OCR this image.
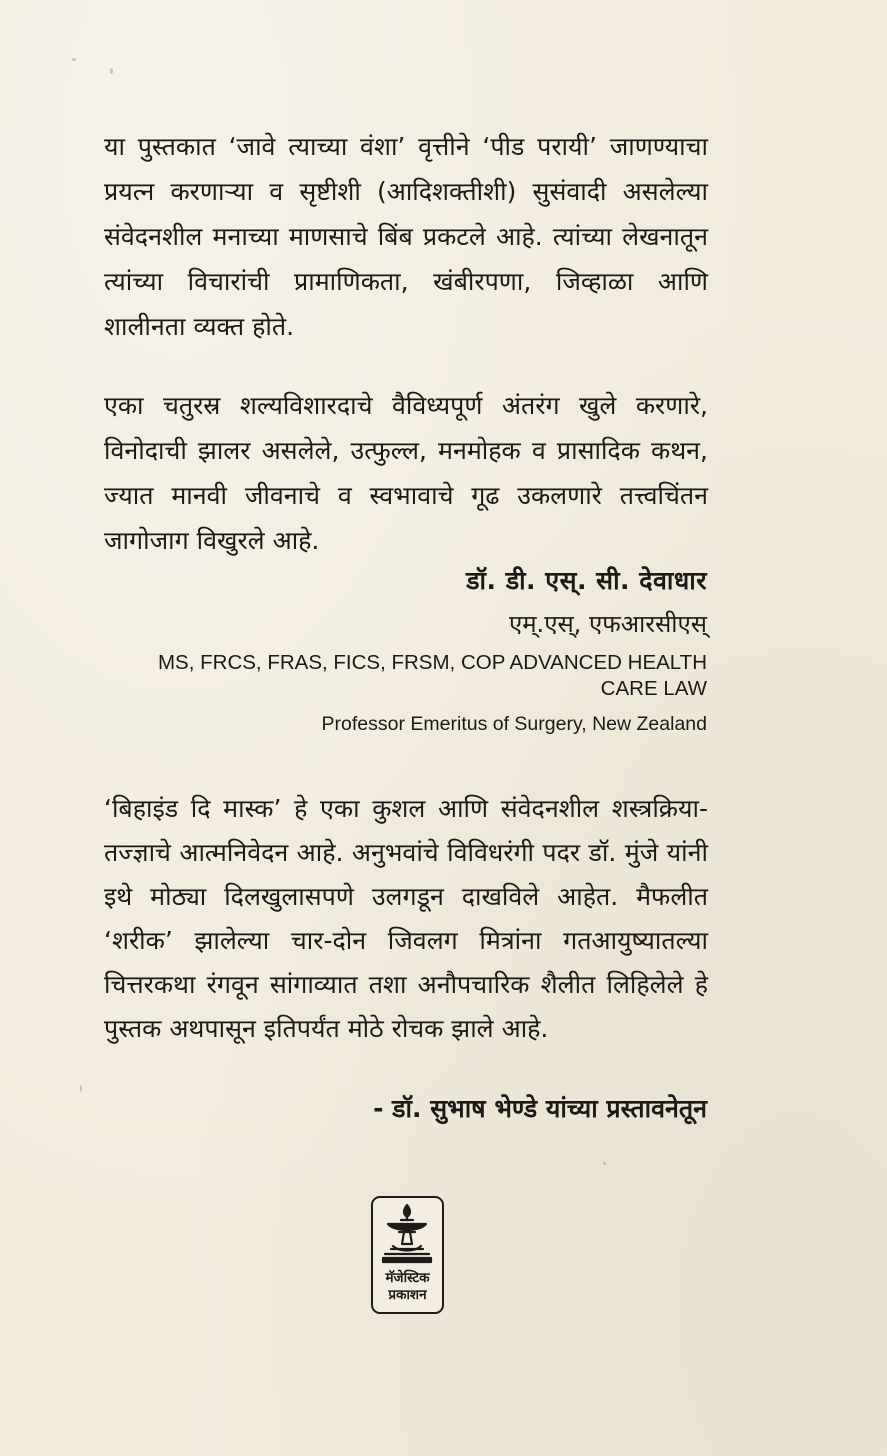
या पुस्तकात ‘जावे त्याच्या वंशा’ वृत्तीने ‘पीड परायी’ जाणण्याचा प्रयत्न करणाऱ्या व सृष्टीशी (आदिशक्तीशी) सुसंवादी असलेल्या संवेदनशील मनाच्या माणसाचे बिंब प्रकटले आहे. त्यांच्या लेखनातून त्यांच्या विचारांची प्रामाणिकता, खंबीरपणा, जिव्हाळा आणि शालीनता व्यक्त होते.

एका चतुरस्र शल्यविशारदाचे वैविध्यपूर्ण अंतरंग खुले करणारे, विनोदाची झालर असलेले, उत्फुल्ल, मनमोहक व प्रासादिक कथन, ज्यात मानवी जीवनाचे व स्वभावाचे गूढ उकलणारे तत्त्वचिंतन जागोजाग विखुरले आहे.

डॉ. डी. एस्. सी. देवाधार
एम्.एस्, एफआरसीएस्
MS, FRCS, FRAS, FICS, FRSM, COP ADVANCED HEALTH CARE LAW
Professor Emeritus of Surgery, New Zealand

‘बिहाइंड दि मास्क’ हे एका कुशल आणि संवेदनशील शस्त्रक्रिया-तज्ज्ञाचे आत्मनिवेदन आहे. अनुभवांचे विविधरंगी पदर डॉ. मुंजे यांनी इथे मोठ्या दिलखुलासपणे उलगडून दाखविले आहेत. मैफलीत ‘शरीक’ झालेल्या चार-दोन जिवलग मित्रांना गतआयुष्यातल्या चित्तरकथा रंगवून सांगाव्यात तशा अनौपचारिक शैलीत लिहिलेले हे पुस्तक अथपासून इतिपर्यंत मोठे रोचक झाले आहे.

- डॉ. सुभाष भेण्डे यांच्या प्रस्तावनेतून
मॅजेस्टिक
प्रकाशन
